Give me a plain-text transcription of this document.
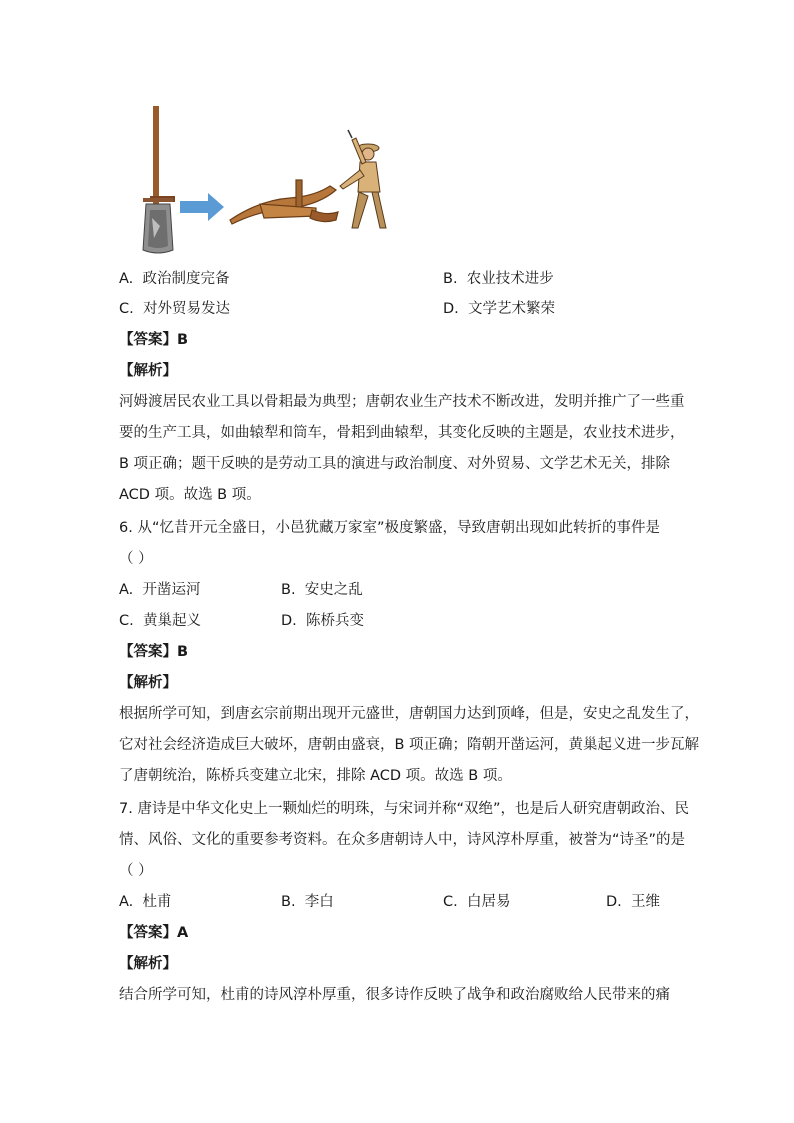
A. 政治制度完备	B. 农业技术进步
C. 对外贸易发达	D. 文学艺术繁荣
【答案】B
【解析】
河姆渡居民农业工具以骨耜最为典型；唐朝农业生产技术不断改进，发明并推广了一些重
要的生产工具，如曲辕犁和筒车，骨耜到曲辕犁，其变化反映的主题是，农业技术进步，
B 项正确；题干反映的是劳动工具的演进与政治制度、对外贸易、文学艺术无关，排除
ACD 项。故选 B 项。
6. 从“忆昔开元全盛日，小邑犹藏万家室”极度繁盛，导致唐朝出现如此转折的事件是
（ ）
A. 开凿运河	B. 安史之乱
C. 黄巢起义	D. 陈桥兵变
【答案】B
【解析】
根据所学可知，到唐玄宗前期出现开元盛世，唐朝国力达到顶峰，但是，安史之乱发生了，
它对社会经济造成巨大破坏，唐朝由盛衰，B 项正确；隋朝开凿运河，黄巢起义进一步瓦解
了唐朝统治，陈桥兵变建立北宋，排除 ACD 项。故选 B 项。
7. 唐诗是中华文化史上一颗灿烂的明珠，与宋词并称“双绝”，也是后人研究唐朝政治、民
情、风俗、文化的重要参考资料。在众多唐朝诗人中，诗风淳朴厚重，被誉为“诗圣”的是
（ ）
A. 杜甫	B. 李白	C. 白居易	D. 王维
【答案】A
【解析】
结合所学可知，杜甫的诗风淳朴厚重，很多诗作反映了战争和政治腐败给人民带来的痛
